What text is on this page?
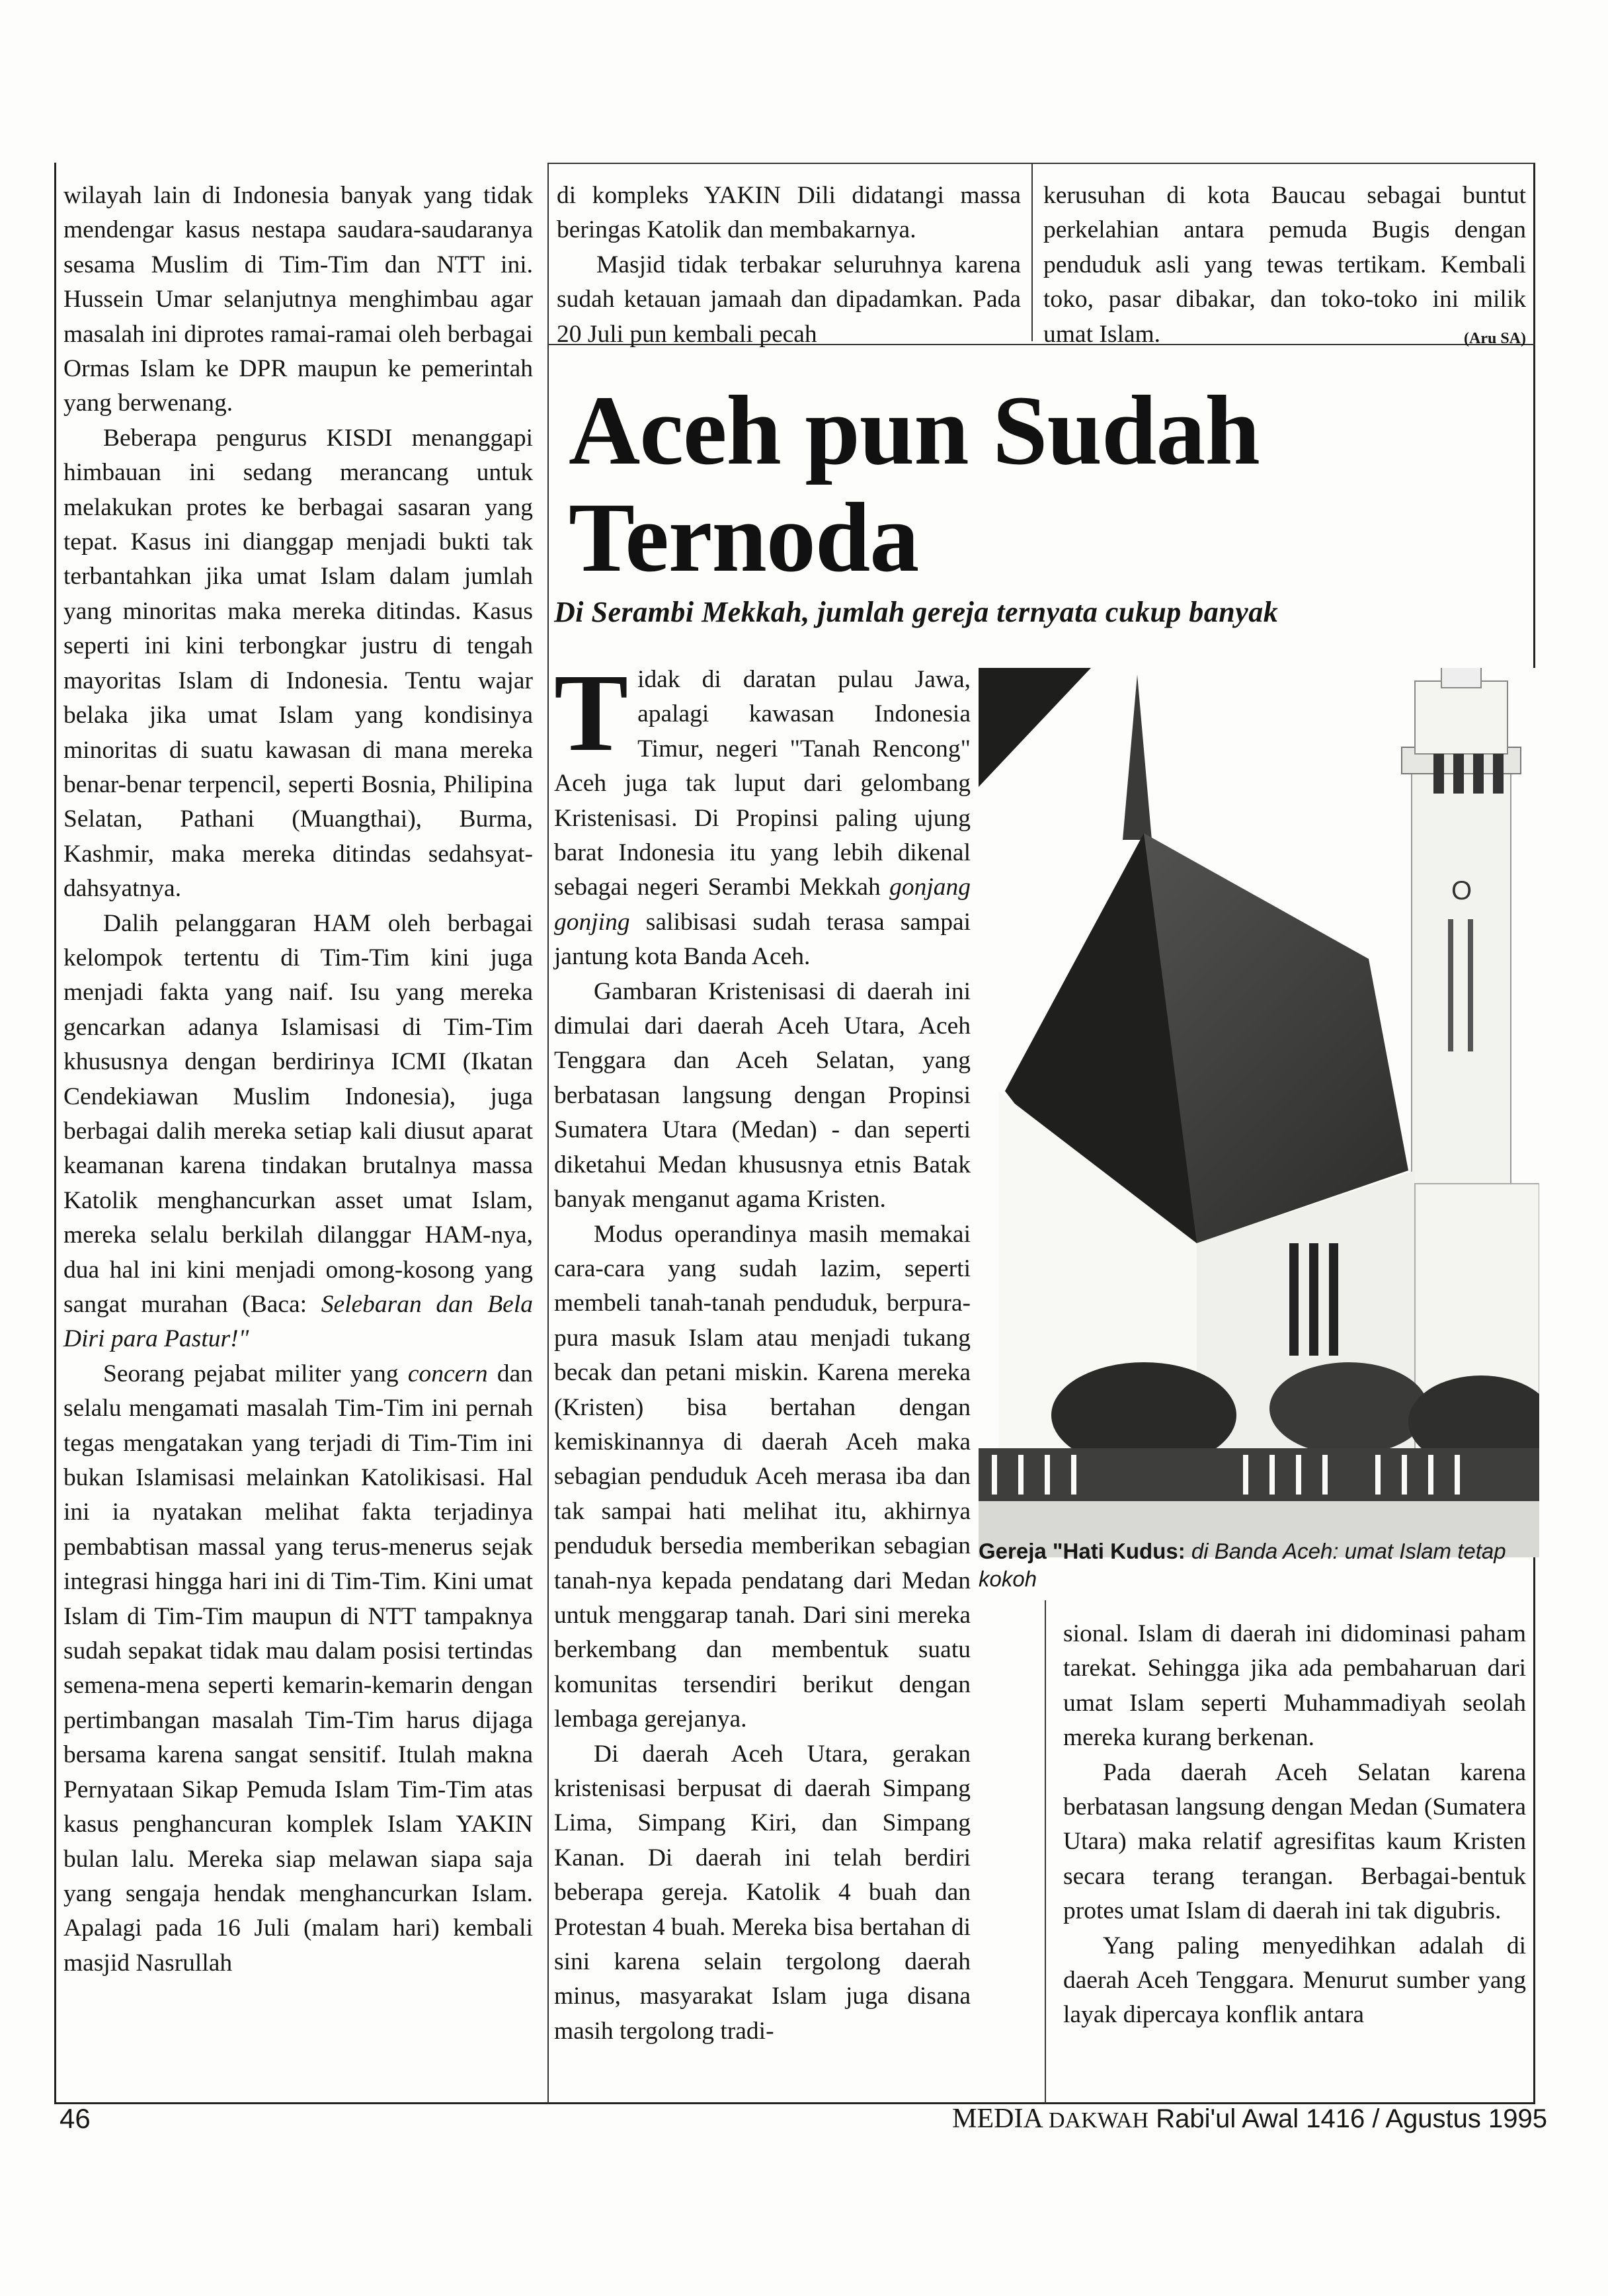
wilayah lain di Indonesia banyak yang tidak mendengar kasus nestapa saudara-saudaranya sesama Muslim di Tim-Tim dan NTT ini. Hussein Umar selanjutnya menghimbau agar masalah ini diprotes ramai-ramai oleh berbagai Ormas Islam ke DPR maupun ke pemerintah yang berwenang.

Beberapa pengurus KISDI menanggapi himbauan ini sedang merancang untuk melakukan protes ke berbagai sasaran yang tepat. Kasus ini dianggap menjadi bukti tak terbantahkan jika umat Islam dalam jumlah yang minoritas maka mereka ditindas. Kasus seperti ini kini terbongkar justru di tengah mayoritas Islam di Indonesia. Tentu wajar belaka jika umat Islam yang kondisinya minoritas di suatu kawasan di mana mereka benar-benar terpencil, seperti Bosnia, Philipina Selatan, Pathani (Muangthai), Burma, Kashmir, maka mereka ditindas sedahsyat-dahsyatnya.

Dalih pelanggaran HAM oleh berbagai kelompok tertentu di Tim-Tim kini juga menjadi fakta yang naif. Isu yang mereka gencarkan adanya Islamisasi di Tim-Tim khususnya dengan berdirinya ICMI (Ikatan Cendekiawan Muslim Indonesia), juga berbagai dalih mereka setiap kali diusut aparat keamanan karena tindakan brutalnya massa Katolik menghancurkan asset umat Islam, mereka selalu berkilah dilanggar HAM-nya, dua hal ini kini menjadi omong-kosong yang sangat murahan (Baca: Selebaran dan Bela Diri para Pastur!"

Seorang pejabat militer yang concern dan selalu mengamati masalah Tim-Tim ini pernah tegas mengatakan yang terjadi di Tim-Tim ini bukan Islamisasi melainkan Katolikisasi. Hal ini ia nyatakan melihat fakta terjadinya pembabtisan massal yang terus-menerus sejak integrasi hingga hari ini di Tim-Tim. Kini umat Islam di Tim-Tim maupun di NTT tampaknya sudah sepakat tidak mau dalam posisi tertindas semena-mena seperti kemarin-kemarin dengan pertimbangan masalah Tim-Tim harus dijaga bersama karena sangat sensitif. Itulah makna Pernyataan Sikap Pemuda Islam Tim-Tim atas kasus penghancuran komplek Islam YAKIN bulan lalu. Mereka siap melawan siapa saja yang sengaja hendak menghancurkan Islam. Apalagi pada 16 Juli (malam hari) kembali masjid Nasrullah

di kompleks YAKIN Dili didatangi massa beringas Katolik dan membakarnya.

Masjid tidak terbakar seluruhnya karena sudah ketauan jamaah dan dipadamkan. Pada 20 Juli pun kembali pecah

kerusuhan di kota Baucau sebagai buntut perkelahian antara pemuda Bugis dengan penduduk asli yang tewas tertikam. Kembali toko, pasar dibakar, dan toko-toko ini milik umat Islam.	(Aru SA)

Aceh pun Sudah
Ternoda

Di Serambi Mekkah, jumlah gereja ternyata cukup banyak

Tidak di daratan pulau Jawa, apalagi kawasan Indonesia Timur, negeri "Tanah Rencong" Aceh juga tak luput dari gelombang Kristenisasi. Di Propinsi paling ujung barat Indonesia itu yang lebih dikenal sebagai negeri Serambi Mekkah gonjang gonjing salibisasi sudah terasa sampai jantung kota Banda Aceh.

Gambaran Kristenisasi di daerah ini dimulai dari daerah Aceh Utara, Aceh Tenggara dan Aceh Selatan, yang berbatasan langsung dengan Propinsi Sumatera Utara (Medan) - dan seperti diketahui Medan khususnya etnis Batak banyak menganut agama Kristen.

Modus operandinya masih memakai cara-cara yang sudah lazim, seperti membeli tanah-tanah penduduk, berpura-pura masuk Islam atau menjadi tukang becak dan petani miskin. Karena mereka (Kristen) bisa bertahan dengan kemiskinannya di daerah Aceh maka sebagian penduduk Aceh merasa iba dan tak sampai hati melihat itu, akhirnya penduduk bersedia memberikan sebagian tanah-nya kepada pendatang dari Medan untuk menggarap tanah. Dari sini mereka berkembang dan membentuk suatu komunitas tersendiri berikut dengan lembaga gerejanya.

Di daerah Aceh Utara, gerakan kristenisasi berpusat di daerah Simpang Lima, Simpang Kiri, dan Simpang Kanan. Di daerah ini telah berdiri beberapa gereja. Katolik 4 buah dan Protestan 4 buah. Mereka bisa bertahan di sini karena selain tergolong daerah minus, masyarakat Islam juga disana masih tergolong tradi-

O
Gereja "Hati Kudus: di Banda Aceh: umat Islam tetap kokoh

sional. Islam di daerah ini didominasi paham tarekat. Sehingga jika ada pembaharuan dari umat Islam seperti Muhammadiyah seolah mereka kurang berkenan.

Pada daerah Aceh Selatan karena berbatasan langsung dengan Medan (Sumatera Utara) maka relatif agresifitas kaum Kristen secara terang terangan. Berbagai-bentuk protes umat Islam di daerah ini tak digubris.

Yang paling menyedihkan adalah di daerah Aceh Tenggara. Menurut sumber yang layak dipercaya konflik antara

46	MEDIA DAKWAH Rabi'ul Awal 1416 / Agustus 1995
